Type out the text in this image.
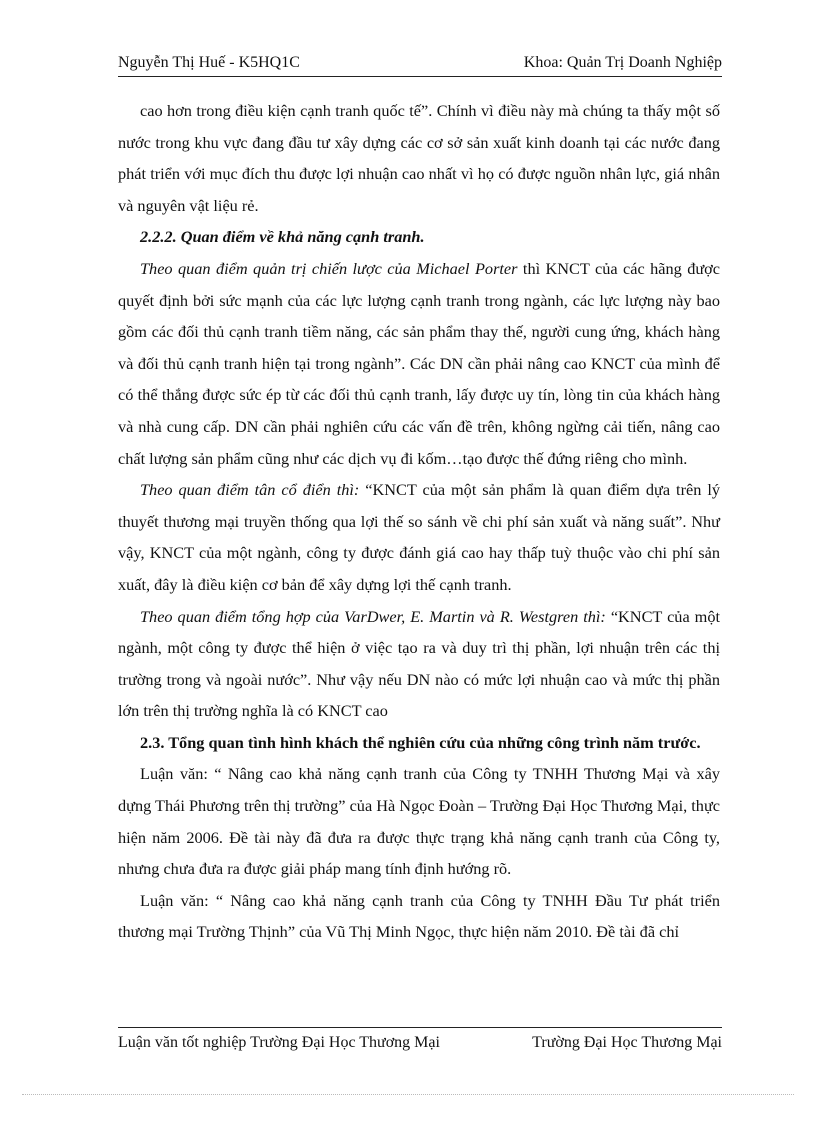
Nguyễn Thị Huế - K5HQ1C	Khoa: Quản Trị Doanh Nghiệp

cao hơn trong điều kiện cạnh tranh quốc tế”. Chính vì điều này mà chúng ta thấy một số nước trong khu vực đang đầu tư xây dựng các cơ sở sản xuất kinh doanh tại các nước đang phát triển với mục đích thu được lợi nhuận cao nhất vì họ có được nguồn nhân lực, giá nhân và nguyên vật liệu rẻ.

2.2.2. Quan điểm về khả năng cạnh tranh.

Theo quan điểm quản trị chiến lược của Michael Porter thì KNCT của các hãng được quyết định bởi sức mạnh của các lực lượng cạnh tranh trong ngành, các lực lượng này bao gồm các đối thủ cạnh tranh tiềm năng, các sản phẩm thay thế, người cung ứng, khách hàng và đối thủ cạnh tranh hiện tại trong ngành”. Các DN cần phải nâng cao KNCT của mình để có thể thắng được sức ép từ các đối thủ cạnh tranh, lấy được uy tín, lòng tin của khách hàng và nhà cung cấp. DN cần phải nghiên cứu các vấn đề trên, không ngừng cải tiến, nâng cao chất lượng sản phẩm cũng như các dịch vụ đi kốm…tạo được thế đứng riêng cho mình.

Theo quan điểm tân cổ điển thì: “KNCT của một sản phẩm là quan điểm dựa trên lý thuyết thương mại truyền thống qua lợi thế so sánh về chi phí sản xuất và năng suất”. Như vậy, KNCT của một ngành, công ty được đánh giá cao hay thấp tuỳ thuộc vào chi phí sản xuất, đây là điều kiện cơ bản để xây dựng lợi thế cạnh tranh.

Theo quan điểm tổng hợp của VarDwer, E. Martin và R. Westgren thì: “KNCT của một ngành, một công ty được thể hiện ở việc tạo ra và duy trì thị phần, lợi nhuận trên các thị trường trong và ngoài nước”. Như vậy nếu DN nào có mức lợi nhuận cao và mức thị phần lớn trên thị trường nghĩa là có KNCT cao

2.3. Tổng quan tình hình khách thể nghiên cứu của những công trình năm trước.

Luận văn: “ Nâng cao khả năng cạnh tranh của Công ty TNHH Thương Mại và xây dựng Thái Phương trên thị trường” của Hà Ngọc Đoàn – Trường Đại Học Thương Mại, thực hiện năm 2006. Đề tài này đã đưa ra được thực trạng khả năng cạnh tranh của Công ty, nhưng chưa đưa ra được giải pháp mang tính định hướng rõ.

Luận văn: “ Nâng cao khả năng cạnh tranh của Công ty TNHH Đầu Tư phát triển thương mại Trường Thịnh” của Vũ Thị Minh Ngọc, thực hiện năm 2010. Đề tài đã chỉ

Luận văn tốt nghiệp Trường Đại Học Thương Mại	Trường Đại Học Thương Mại
